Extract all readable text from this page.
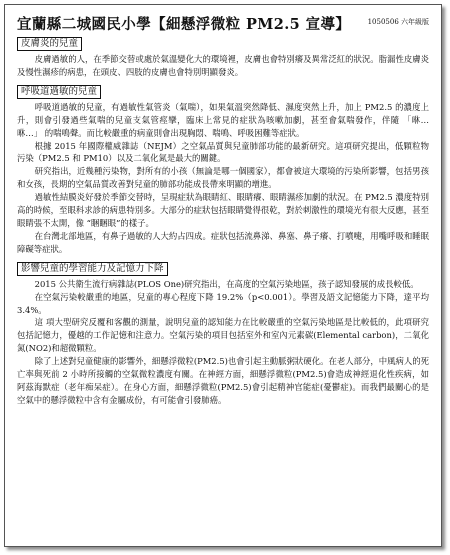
宜蘭縣二城國民小學【細懸浮微粒 PM2.5 宣導】 1050506 六年級版
皮膚炎的兒童

皮膚過敏的人，在季節交替或處於氣溫變化大的環境裡，皮膚也會特別癢及異常泛紅的狀況。脂漏性皮膚炎及慢性濕疹的病患，在頭皮、四肢的皮膚也會特別明顯發炎。

呼吸道過敏的兒童

呼吸道過敏的兒童，有過敏性氣管炎（氣喘），如果氣溫突然降低、濕度突然上升，加上 PM2.5 的濃度上升，則會引發過些氣喘的兒童支氣管痙攣，臨床上常見的症狀為咳嗽加劇，甚至會氣喘發作，伴隨 「咻…咻…」 的喘鳴聲。而比較嚴重的病童則會出現胸悶、喘鳴、呼吸困難等症狀。

根據 2015 年國際權威雜誌（NEJM）之空氣品質與兒童肺部功能的最新研究。這項研究提出，低顆粒物污染（PM2.5 和 PM10）以及二氧化氮是最大的關鍵。

研究指出，近幾種污染物，對所有的小孩（無論是哪一個國家），都會被這大環境的污染所影響，包括男孩和女孩，長期的空氣品質改善對兒童的肺部功能成長帶來明顯的增進。

過敏性結膜炎好發於季節交替時，呈現症狀為眼睛紅、眼睛癢、眼睛濕疹加劇的狀況。在 PM2.5 濃度特別高的時候，至眼科求診的病患特別多。大部分的症狀包括眼睛覺得很乾，對於刺激性的環境光有很大反應，甚至眼睛張不太開，像 “睏睏眼”的樣子。

在台灣北部地區，有鼻子過敏的人大約占四成。症狀包括流鼻涕、鼻塞、鼻子癢、打噴嚏，用嘴呼吸和睡眠障礙等症狀。

影響兒童的學習能力及記憶力下降

2015 公共衛生流行病雜誌(PLOS One)研究指出，在高度的空氣污染地區，孩子認知發展的成長較低。

在空氣污染較嚴重的地區，兒童的專心程度下降 19.2%（p<0.001）。學習及語文記憶能力下降，達平均 3.4%。

這 項大型研究反覆和客觀的測量，說明兒童的認知能力在比較嚴重的空氣污染地區是比較低的，此項研究包括記憶力，優越的工作記憶和注意力。空氣污染的項目包括室外和室內元素碳(Elemental carbon)，二氧化氮(NO2)和超微顆粒。

除了上述對兒童健康的影響外，細懸浮微粒(PM2.5)也會引起主動脈粥狀硬化。在老人部分，中風病人的死亡率與死前 2 小時所接觸的空氣微粒濃度有關。在神經方面，細懸浮微粒(PM2.5)會造成神經退化性疾病，如阿茲海默症（老年痴呆症）。在身心方面，細懸浮微粒(PM2.5)會引起精神官能症(憂鬱症)。而我們最關心的是空氣中的懸浮微粒中含有金屬成份，有可能會引發肺癌。
